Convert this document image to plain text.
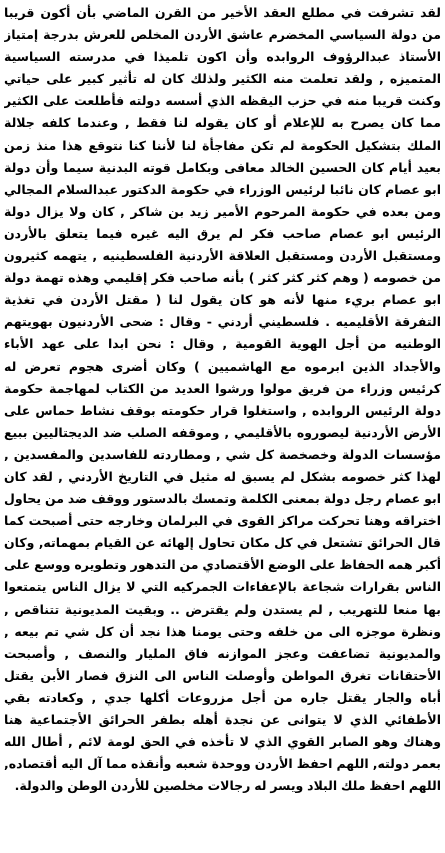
لقد تشرفت في مطلع العقد الأخير من القرن الماضي بأن أكون قريبا من دولة السياسي المخضرم عاشق الأردن المخلص للعرش بدرجة إمتياز الأستاذ عبدالرؤوف الروابده وأن اكون تلميذا في مدرسته السياسية المتميزه , ولقد تعلمت منه الكثير ولذلك كان له تأثير كبير على حياتي وكنت قريبا منه في حزب اليقظه الذي أسسه دولته فأطلعت على الكثير مما كان يصرح به للإعلام أو كان يقوله لنا فقط , وعندما كلفه جلالة الملك بتشكيل الحكومة لم تكن مفاجأة لنا لأننا كنا نتوقع هذا منذ زمن بعيد أيام كان الحسين الخالد معافى وبكامل قوته البدنية سيما وأن دولة ابو عصام كان نائبا لرئيس الوزراء في حكومة الدكتور عبدالسلام المجالي ومن بعده في حكومة المرحوم الأمير زيد بن شاكر , كان ولا يزال دولة الرئيس ابو عصام صاحب فكر لم يرق اليه غيره فيما يتعلق بالأردن ومستقبل الأردن ومستقبل العلاقة الأردنية الفلسطينيه , يتهمه كثيرون من خصومه ( وهم كثر كثر كثر ) بأنه صاحب فكر إقليمي وهذه تهمة دولة ابو عصام بريء منها لأنه هو كان يقول لنا ( مقتل الأردن في تغذية التفرقة الأقليميه . فلسطيني أردني - وقال : ضحى الأردنيون بهويتهم الوطنيه من أجل الهوية القومية , وقال : نحن ابدا على عهد الأباء والأجداد الذين ابرموه مع الهاشميين ) وكان أضرى هجوم تعرض له كرئيس وزراء من فريق مولوا ورشوا العديد من الكتاب لمهاجمة حكومة دولة الرئيس الروابده , واستغلوا قرار حكومته بوقف نشاط حماس على الأرض الأردنية ليصوروه بالأقليمي , وموقفه الصلب ضد الديجتاليين ببيع مؤسسات الدولة وخصخصة كل شي , ومطاردته للفاسدين والمفسدين , لهذا كثر خصومه بشكل لم يسبق له مثيل في التاريخ الأردني , لقد كان ابو عصام رجل دولة بمعنى الكلمة وتمسك بالدستور ووقف ضد من يحاول اختراقه وهنا تحركت مراكز القوى في البرلمان وخارجه حتى أصبحت كما قال الحرائق تشتعل في كل مكان تحاول إلهائه عن القيام بمهماته, وكان أكبر همه الحفاظ على الوضع الأقتصادي من التدهور وتطويره ووسع على الناس بقرارات شجاعة بالإعفاءات الجمركيه التي لا يزال الناس يتمتعوا بها منعا للتهريب , لم يستدن ولم يقترض .. وبقيت المديونية تتناقص , ونظرة موجزه الى من خلفه وحتى يومنا هذا نجد أن كل شي تم بيعه , والمديونية تضاعفت وعجز الموازنه فاق المليار والنصف , وأصبحت الأحتقانات تغرق المواطن وأوصلت الناس الى النزق فصار الأبن يقتل أباه والجار يقتل جاره من أجل مزروعات أكلها جدي , وكعادته بقي الأطفائي الذي لا يتوانى عن نجدة أهله بطفر الحرائق الأجتماعية هنا وهناك وهو الصابر القوي الذي لا تأخذه في الحق لومة لائم , أطال الله بعمر دولته, اللهم احفظ الأردن ووحدة شعبه وأنقذه مما آل اليه أقتصاده, اللهم احفظ ملك البلاد ويسر له رجالات مخلصين للأردن الوطن والدولة.
